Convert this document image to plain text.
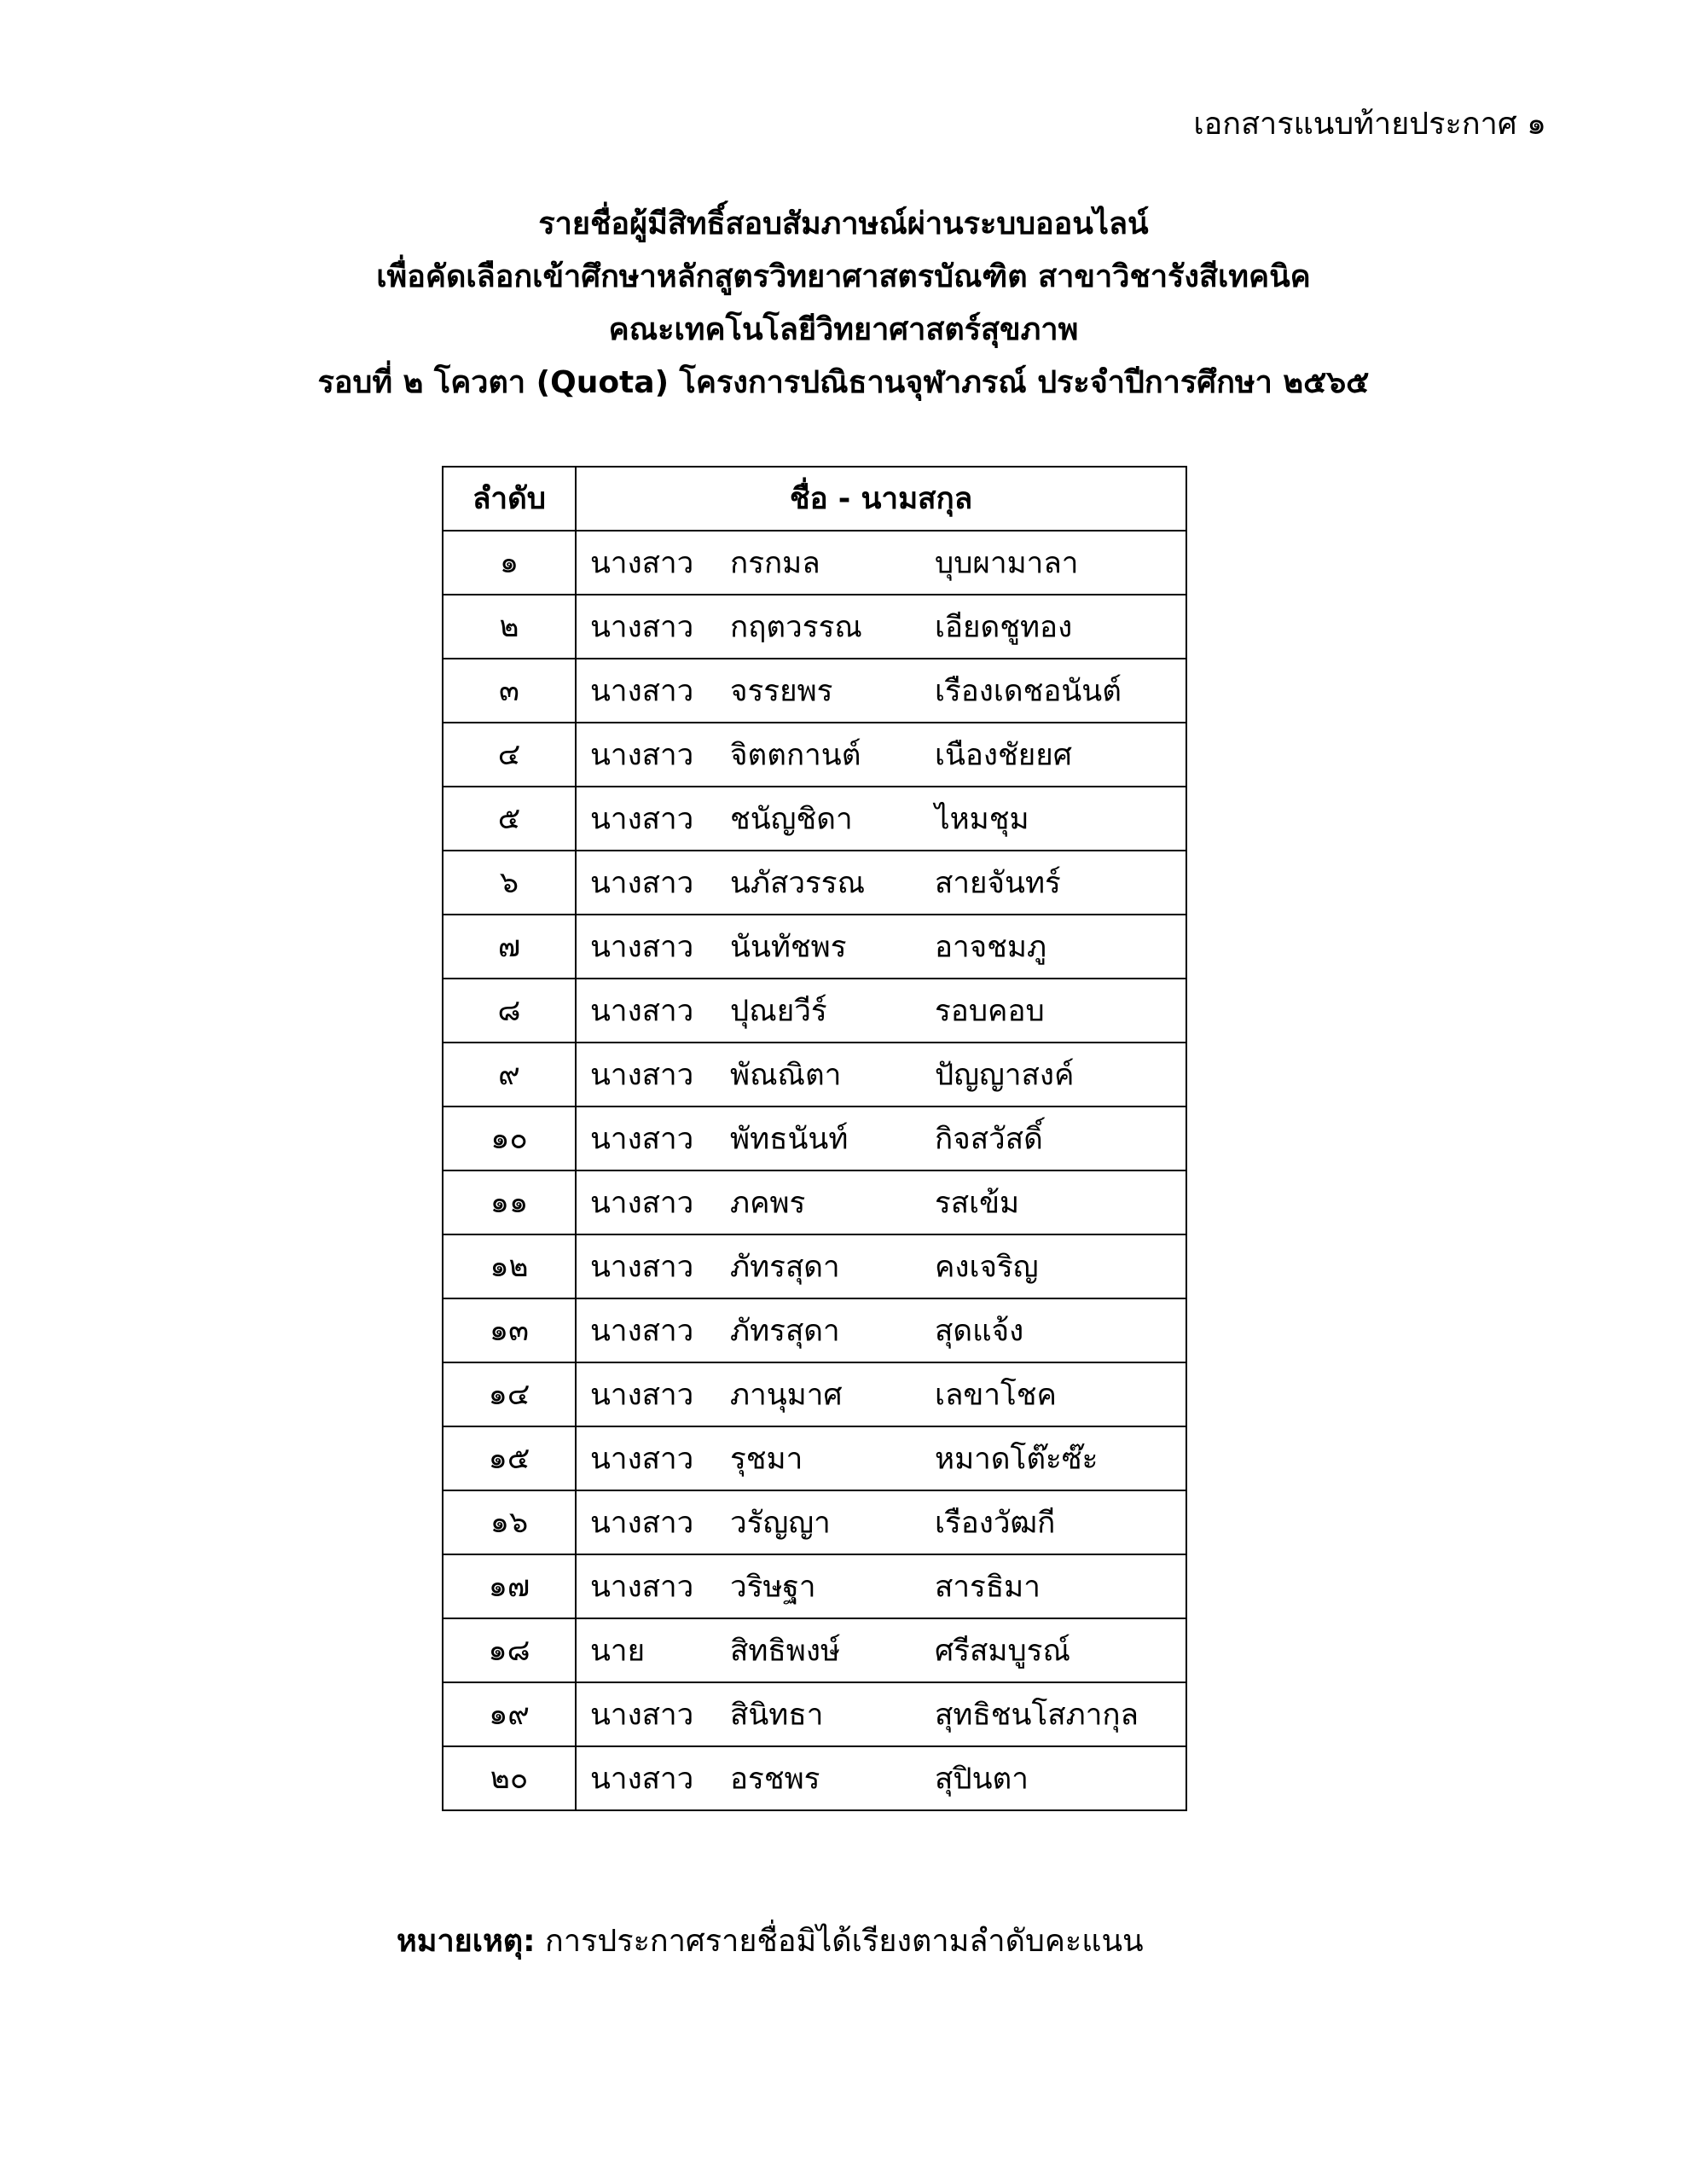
เอกสารแนบท้ายประกาศ ๑
รายชื่อผู้มีสิทธิ์สอบสัมภาษณ์ผ่านระบบออนไลน์
เพื่อคัดเลือกเข้าศึกษาหลักสูตรวิทยาศาสตรบัณฑิต สาขาวิชารังสีเทคนิค
คณะเทคโนโลยีวิทยาศาสตร์สุขภาพ
รอบที่ ๒ โควตา (Quota) โครงการปณิธานจุฬาภรณ์ ประจำปีการศึกษา ๒๕๖๕
ลำดับ	ชื่อ - นามสกุล
๑	นางสาว กรกมล บุบผามาลา

๒	นางสาว กฤตวรรณ เอียดชูทอง

๓	นางสาว จรรยพร เรืองเดชอนันต์

๔	นางสาว จิตตกานต์ เนืองชัยยศ

๕	นางสาว ชนัญชิดา ไหมชุม

๖	นางสาว นภัสวรรณ สายจันทร์

๗	นางสาว นันทัชพร อาจชมภู

๘	นางสาว ปุณยวีร์ รอบคอบ

๙	นางสาว พัณณิตา ปัญญาสงค์

๑๐	นางสาว พัทธนันท์ กิจสวัสดิ์

๑๑	นางสาว ภคพร รสเข้ม

๑๒	นางสาว ภัทรสุดา คงเจริญ

๑๓	นางสาว ภัทรสุดา สุดแจ้ง

๑๔	นางสาว ภานุมาศ เลขาโชค

๑๕	นางสาว รุชมา หมาดโต๊ะซ๊ะ

๑๖	นางสาว วรัญญา เรืองวัฒกี

๑๗	นางสาว วริษฐา สารธิมา

๑๘	นาย สิทธิพงษ์ ศรีสมบูรณ์

๑๙	นางสาว สินิทธา สุทธิชนโสภากุล

๒๐	นางสาว อรชพร สุปินตา
หมายเหตุ: การประกาศรายชื่อมิได้เรียงตามลำดับคะแนน
